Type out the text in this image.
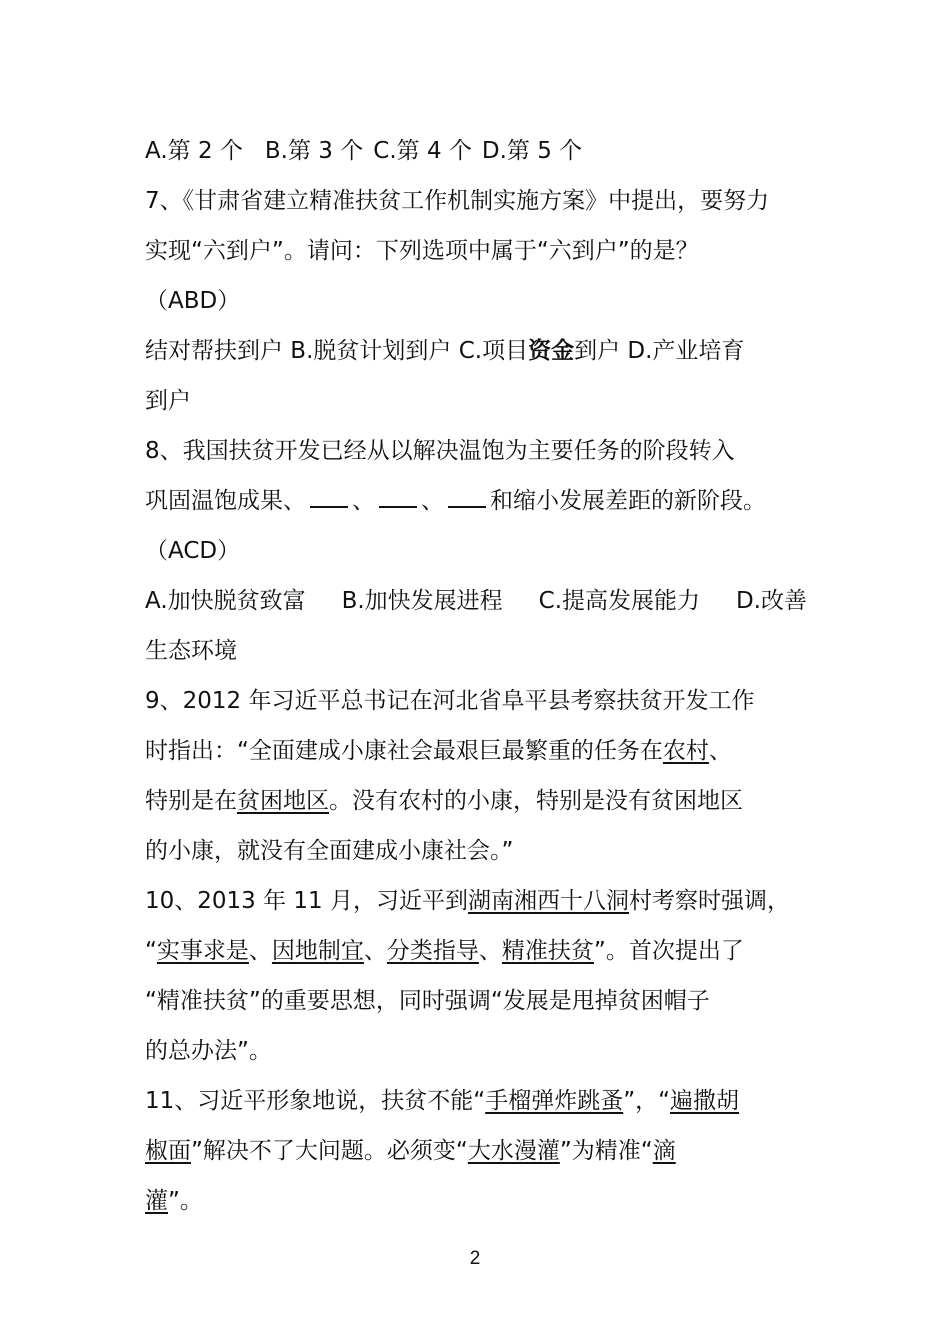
A.第 2 个 B.第 3 个 C.第 4 个 D.第 5 个
7、《甘肃省建立精准扶贫工作机制实施方案》中提出，要努力
实现“六到户”。请问：下列选项中属于“六到户”的是？
（ABD）
结对帮扶到户 B.脱贫计划到户 C.项目资金到户 D.产业培育
到户
8、我国扶贫开发已经从以解决温饱为主要任务的阶段转入
巩固温饱成果、 、 、 和缩小发展差距的新阶段。
（ACD）
A.加快脱贫致富 B.加快发展进程 C.提高发展能力 D.改善
生态环境
9、2012 年习近平总书记在河北省阜平县考察扶贫开发工作
时指出：“全面建成小康社会最艰巨最繁重的任务在农村、
特别是在贫困地区。没有农村的小康，特别是没有贫困地区
的小康，就没有全面建成小康社会。”
10、2013 年 11 月，习近平到湖南湘西十八洞村考察时强调，
“实事求是、因地制宜、分类指导、精准扶贫”。首次提出了
“精准扶贫”的重要思想，同时强调“发展是甩掉贫困帽子
的总办法”。
11、习近平形象地说，扶贫不能“手榴弹炸跳蚤”，“遍撒胡
椒面”解决不了大问题。必须变“大水漫灌”为精准“滴
灌”。
2
